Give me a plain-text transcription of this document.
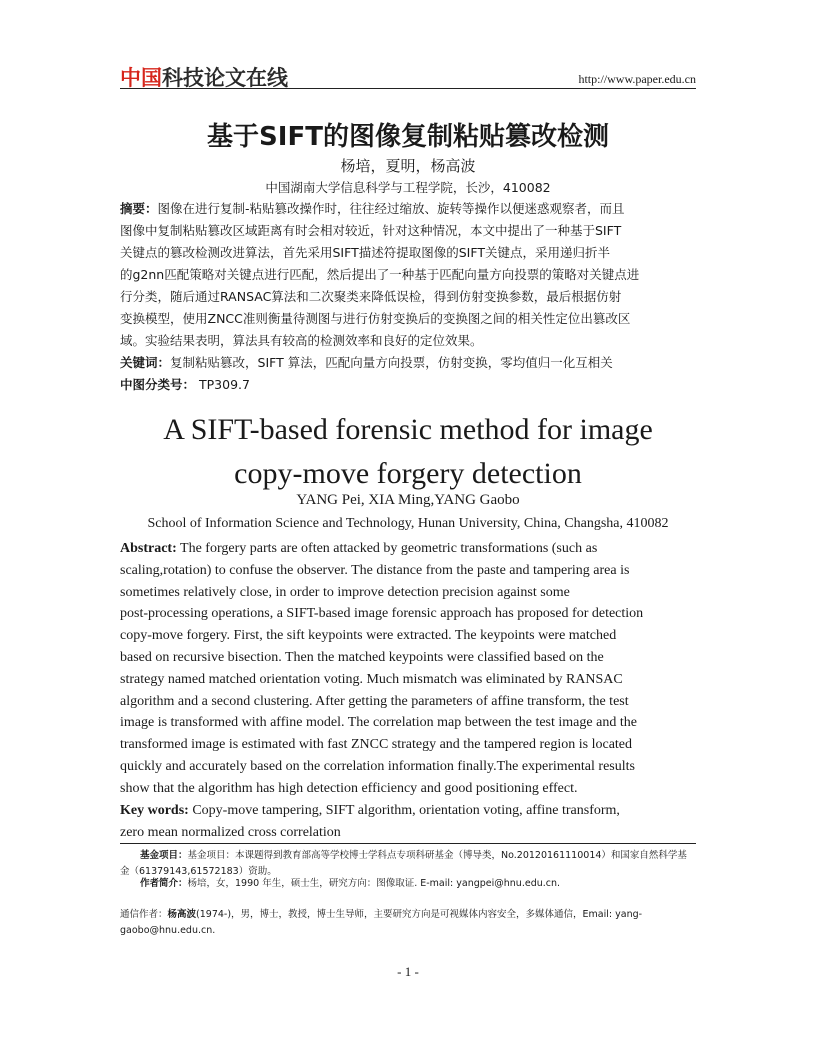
中国科技论文在线	http://www.paper.edu.cn
基于SIFT的图像复制粘贴篡改检测
杨培，夏明，杨高波
中国湖南大学信息科学与工程学院，长沙，410082
摘要：图像在进行复制-粘贴篡改操作时，往往经过缩放、旋转等操作以便迷惑观察者，而且
图像中复制粘贴篡改区域距离有时会相对较近，针对这种情况，本文中提出了一种基于SIFT
关键点的篡改检测改进算法，首先采用SIFT描述符提取图像的SIFT关键点，采用递归折半
的g2nn匹配策略对关键点进行匹配，然后提出了一种基于匹配向量方向投票的策略对关键点进
行分类，随后通过RANSAC算法和二次聚类来降低误检，得到仿射变换参数，最后根据仿射
变换模型，使用ZNCC准则衡量待测图与进行仿射变换后的变换图之间的相关性定位出篡改区
域。实验结果表明，算法具有较高的检测效率和良好的定位效果。
关键词：复制粘贴篡改，SIFT 算法，匹配向量方向投票，仿射变换，零均值归一化互相关
中图分类号： TP309.7
A SIFT-based forensic method for image
copy-move forgery detection
YANG Pei, XIA Ming,YANG Gaobo
School of Information Science and Technology, Hunan University, China, Changsha, 410082
Abstract: The forgery parts are often attacked by geometric transformations (such as
scaling,rotation) to confuse the observer. The distance from the paste and tampering area is
sometimes relatively close, in order to improve detection precision against some
post-processing operations, a SIFT-based image forensic approach has proposed for detection
copy-move forgery. First, the sift keypoints were extracted. The keypoints were matched
based on recursive bisection. Then the matched keypoints were classified based on the
strategy named matched orientation voting. Much mismatch was eliminated by RANSAC
algorithm and a second clustering. After getting the parameters of affine transform, the test
image is transformed with affine model. The correlation map between the test image and the
transformed image is estimated with fast ZNCC strategy and the tampered region is located
quickly and accurately based on the correlation information finally.The experimental results
show that the algorithm has high detection efficiency and good positioning effect.
Key words: Copy-move tampering, SIFT algorithm, orientation voting, affine transform,
zero mean normalized cross correlation
基金项目：基金项目：本课题得到教育部高等学校博士学科点专项科研基金（博导类，No.20120161110014）和国家自然科学基金（61379143,61572183）资助。
作者简介：杨培，女，1990 年生，硕士生，研究方向：图像取证. E-mail: yangpei@hnu.edu.cn.
通信作者：杨高波(1974-)，男，博士，教授，博士生导师，主要研究方向是可视媒体内容安全，多媒体通信，Email: yang-gaobo@hnu.edu.cn.
- 1 -
